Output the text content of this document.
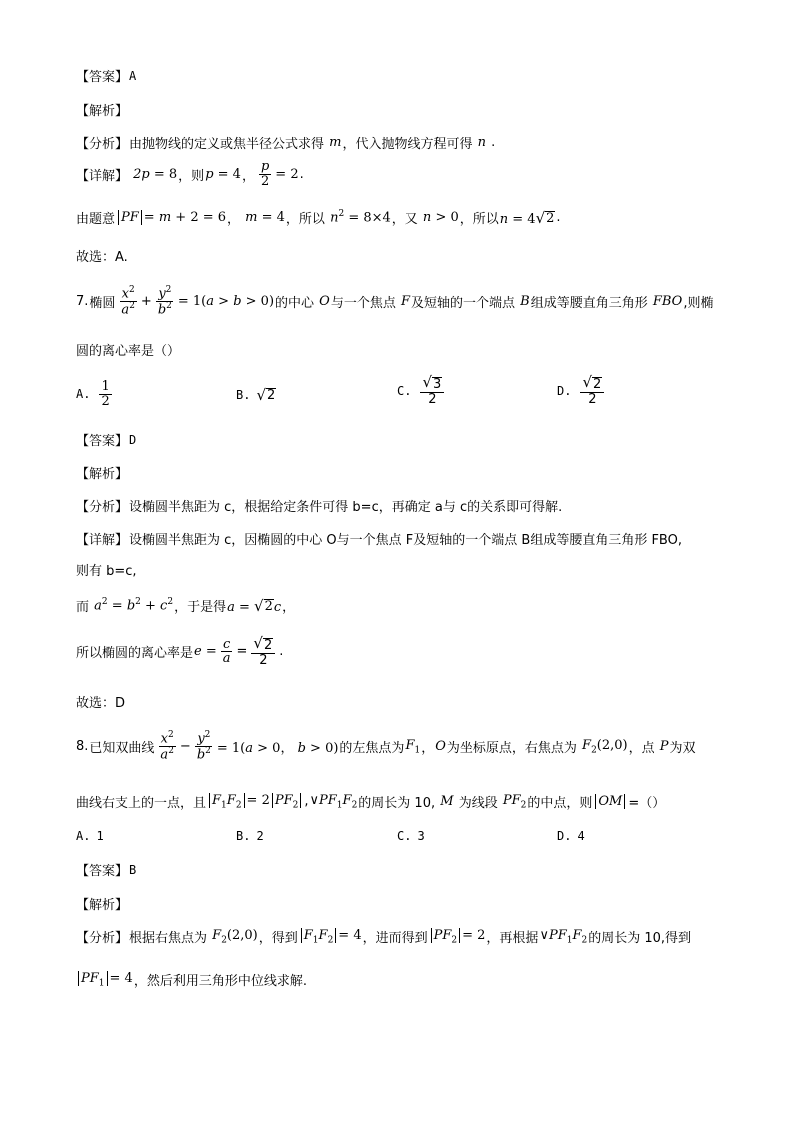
【答案】 A
【解析】
【分析】 由抛物线的定义或焦半径公式求得 m ，代入抛物线方程可得 n .
【详解】 2p = 8 ，则 p = 4 ， $\frac{p}{2} = 2$ .
由题意 PF = m + 2 = 6 ， m = 4 ，所以 $n^2 = 8\times 4$ ，又 n > 0 ，所以 n = 4 √ 2 .
故选：A.
7. 椭圆 $\frac{x^2}{a^2} + \frac{y^2}{b^2} = 1(a > b > 0)$ 的中心 O 与一个焦点 F 及短轴的一个端点 B 组成等腰直角三角形 FBO ,则椭
圆的离心率是（）
A. $\frac{1}{2}$	B. √ 2	C. $\frac{√ 3}{2}$	D. $\frac{√ 2}{2}$
【答案】 D
【解析】
【分析】 设椭圆半焦距为 c，根据给定条件可得 b=c，再确定 a与 c的关系即可得解.
【详解】 设椭圆半焦距为 c，因椭圆的中心 O与一个焦点 F及短轴的一个端点 B组成等腰直角三角形 FBO,
则有 b=c,
而 $a^2 = b^2 + c^2$ ，于是得 a = √ 2 c ，
所以椭圆的离心率是 $e = \frac{c}{a} = \frac{√ 2}{2}$ .
故选：D
8. 已知双曲线 $\frac{x^2}{a^2} - \frac{y^2}{b^2} = 1(a > 0$， b > 0) 的左焦点为 $F_1$ ， O 为坐标原点，右焦点为 $F_2(2,0)$ ，点 P 为双
曲线右支上的一点，且 $F_1F_2 = 2$ $PF_2$ , $\vee PF_1F_2$ 的周长为 10, M 为线段 $PF_2$ 的中点，则 OM =（）
A. 1	B. 2	C. 3	D. 4
【答案】 B
【解析】
【分析】 根据右焦点为 $F_2(2,0)$ ，得到 $F_1F_2 = 4$ ，进而得到 $PF_2 = 2$ ，再根据 $\vee PF_1F_2$ 的周长为 10,得到
$PF_1 = 4$ ，然后利用三角形中位线求解.
